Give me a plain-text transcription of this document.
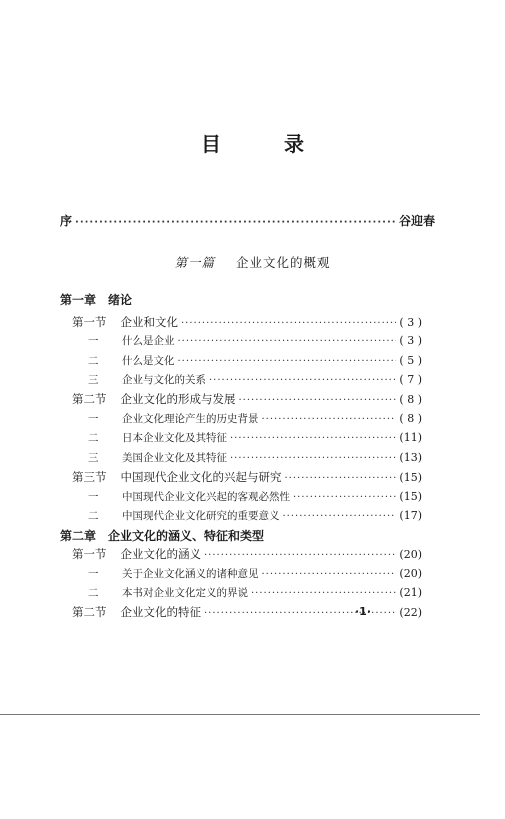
目 录
序 ·····	谷迎春
第一篇 企业文化的概观
第一章 绪论
第一节 企业和文化 ·····	( 3 )
一	什么是企业 ·····	( 3 )
二	什么是文化 ·····	( 5 )
三	企业与文化的关系 ·····	( 7 )
第二节 企业文化的形成与发展 ·····	( 8 )
一	企业文化理论产生的历史背景 ·····	( 8 )
二	日本企业文化及其特征 ·····	(11)
三	美国企业文化及其特征 ·····	(13)
第三节 中国现代企业文化的兴起与研究 ·····	(15)
一	中国现代企业文化兴起的客观必然性 ·····	(15)
二	中国现代企业文化研究的重要意义 ·····	(17)
第二章 企业文化的涵义、特征和类型
第一节 企业文化的涵义 ·····	(20)
一	关于企业文化涵义的诸种意见 ·····	(20)
二	本书对企业文化定义的界说 ·····	(21)
第二节 企业文化的特征 ·····	(22)
·1·
